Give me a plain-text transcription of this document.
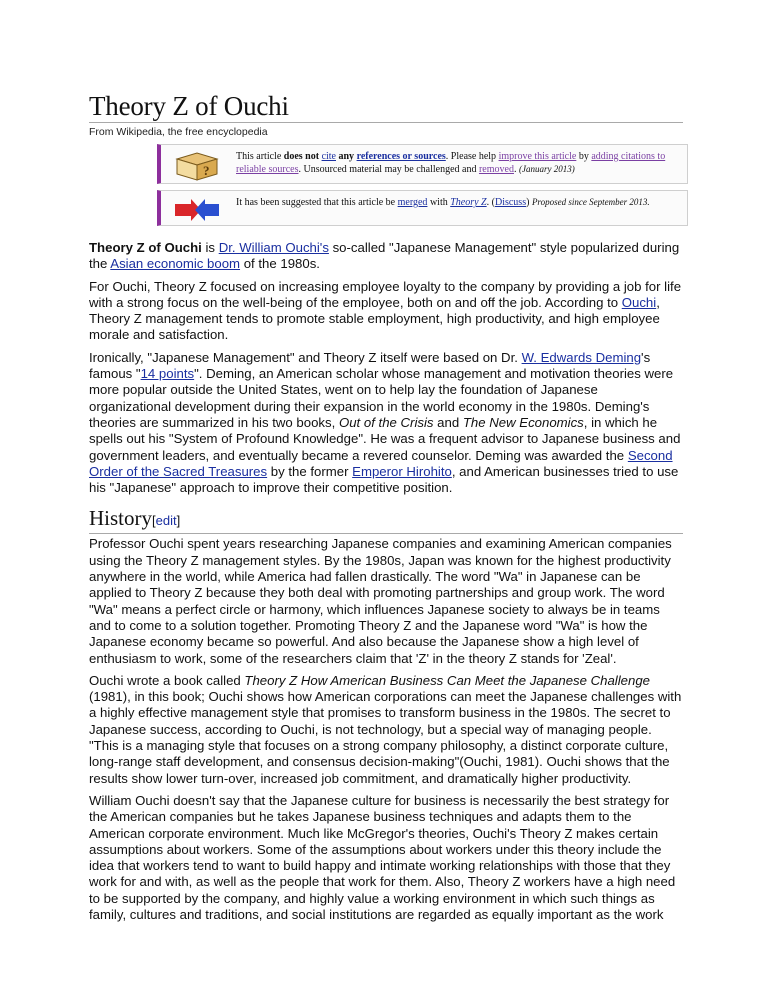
Theory Z of Ouchi
From Wikipedia, the free encyclopedia
?
This article does not cite any references or sources. Please help improve this article by adding citations to reliable sources. Unsourced material may be challenged and removed. (January 2013)
It has been suggested that this article be merged with Theory Z. (Discuss) Proposed since September 2013.

Theory Z of Ouchi is Dr. William Ouchi's so-called "Japanese Management" style popularized during the Asian economic boom of the 1980s.

For Ouchi, Theory Z focused on increasing employee loyalty to the company by providing a job for life with a strong focus on the well-being of the employee, both on and off the job. According to Ouchi, Theory Z management tends to promote stable employment, high productivity, and high employee morale and satisfaction.

Ironically, "Japanese Management" and Theory Z itself were based on Dr. W. Edwards Deming's famous "14 points". Deming, an American scholar whose management and motivation theories were more popular outside the United States, went on to help lay the foundation of Japanese organizational development during their expansion in the world economy in the 1980s. Deming's theories are summarized in his two books, Out of the Crisis and The New Economics, in which he spells out his "System of Profound Knowledge". He was a frequent advisor to Japanese business and government leaders, and eventually became a revered counselor. Deming was awarded the Second Order of the Sacred Treasures by the former Emperor Hirohito, and American businesses tried to use his "Japanese" approach to improve their competitive position.

History[edit]

Professor Ouchi spent years researching Japanese companies and examining American companies using the Theory Z management styles. By the 1980s, Japan was known for the highest productivity anywhere in the world, while America had fallen drastically. The word "Wa" in Japanese can be applied to Theory Z because they both deal with promoting partnerships and group work. The word "Wa" means a perfect circle or harmony, which influences Japanese society to always be in teams and to come to a solution together. Promoting Theory Z and the Japanese word "Wa" is how the Japanese economy became so powerful. And also because the Japanese show a high level of enthusiasm to work, some of the researchers claim that 'Z' in the theory Z stands for 'Zeal'.

Ouchi wrote a book called Theory Z How American Business Can Meet the Japanese Challenge (1981), in this book; Ouchi shows how American corporations can meet the Japanese challenges with a highly effective management style that promises to transform business in the 1980s. The secret to Japanese success, according to Ouchi, is not technology, but a special way of managing people. "This is a managing style that focuses on a strong company philosophy, a distinct corporate culture, long-range staff development, and consensus decision-making"(Ouchi, 1981). Ouchi shows that the results show lower turn-over, increased job commitment, and dramatically higher productivity.

William Ouchi doesn't say that the Japanese culture for business is necessarily the best strategy for the American companies but he takes Japanese business techniques and adapts them to the American corporate environment. Much like McGregor's theories, Ouchi's Theory Z makes certain assumptions about workers. Some of the assumptions about workers under this theory include the idea that workers tend to want to build happy and intimate working relationships with those that they work for and with, as well as the people that work for them. Also, Theory Z workers have a high need to be supported by the company, and highly value a working environment in which such things as family, cultures and traditions, and social institutions are regarded as equally important as the work
